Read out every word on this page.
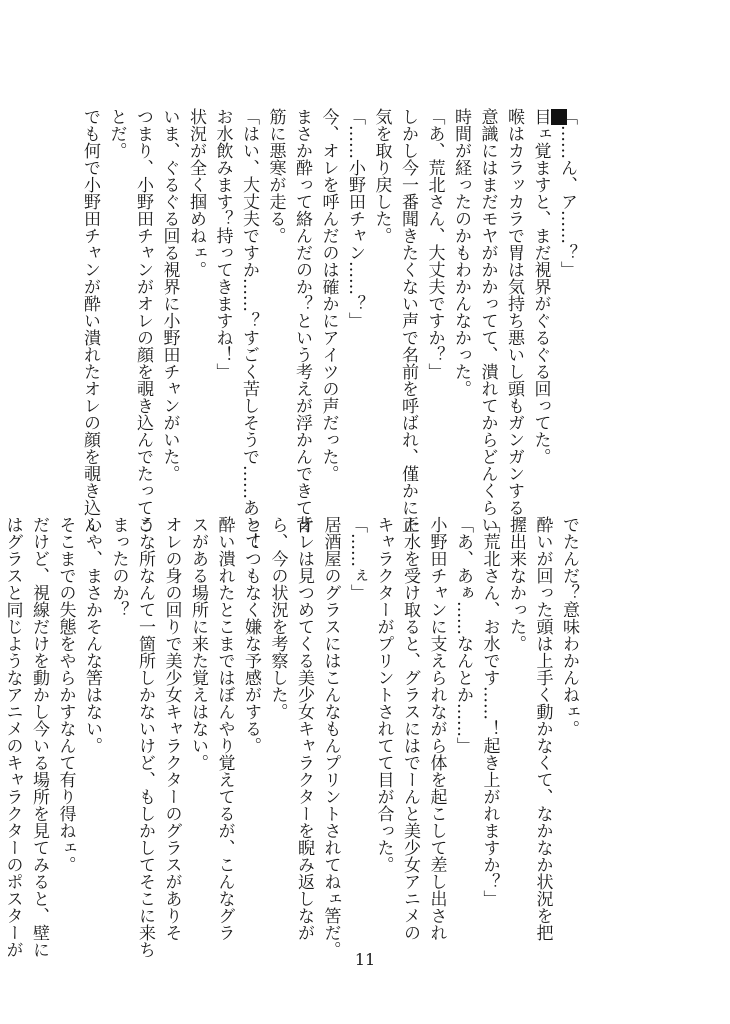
「……ん、ア……？」

目ェ覚ますと、まだ視界がぐるぐる回ってた。

喉はカラッカラで胃は気持ち悪いし頭もガンガンする。

意識にはまだモヤがかかってて、潰れてからどんくらい

時間が経ったのかもわかんなかった。

「あ、荒北さん、大丈夫ですか？」

しかし今一番聞きたくない声で名前を呼ばれ、僅かに正

気を取り戻した。

「……小野田チャン……？」

今、オレを呼んだのは確かにアイツの声だった。

まさか酔って絡んだのか？という考えが浮かんできて背

筋に悪寒が走る。

「はい、大丈夫ですか……？すごく苦しそうで……あっ！

お水飲みます？持ってきますね！」

状況が全く掴めねェ。

いま、ぐるぐる回る視界に小野田チャンがいた。

つまり、小野田チャンがオレの顔を覗き込んでたってこ

とだ。

でも何で小野田チャンが酔い潰れたオレの顔を覗き込ん

でたんだ？意味わかんねェ。

酔いが回った頭は上手く動かなくて、なかなか状況を把

握出来なかった。

「荒北さん、お水です……！起き上がれますか？」

「あ、あぁ……なんとか……」

小野田チャンに支えられながら体を起こして差し出され

た水を受け取ると、グラスにはでーんと美少女アニメの

キャラクターがプリントされてて目が合った。

「……ぇ」

居酒屋のグラスにはこんなもんプリントされてねェ筈だ。

オレは見つめてくる美少女キャラクターを睨み返しなが

ら、今の状況を考察した。

とてつもなく嫌な予感がする。

酔い潰れたとこまではぼんやり覚えてるが、こんなグラ

スがある場所に来た覚えはない。

オレの身の回りで美少女キャラクターのグラスがありそ

うな所なんて一箇所しかないけど、もしかしてそこに来ち

まったのか？

いや、まさかそんな筈はない。

そこまでの失態をやらかすなんて有り得ねェ。

だけど、視線だけを動かし今いる場所を見てみると、壁に

はグラスと同じようなアニメのキャラクターのポスターが

11
